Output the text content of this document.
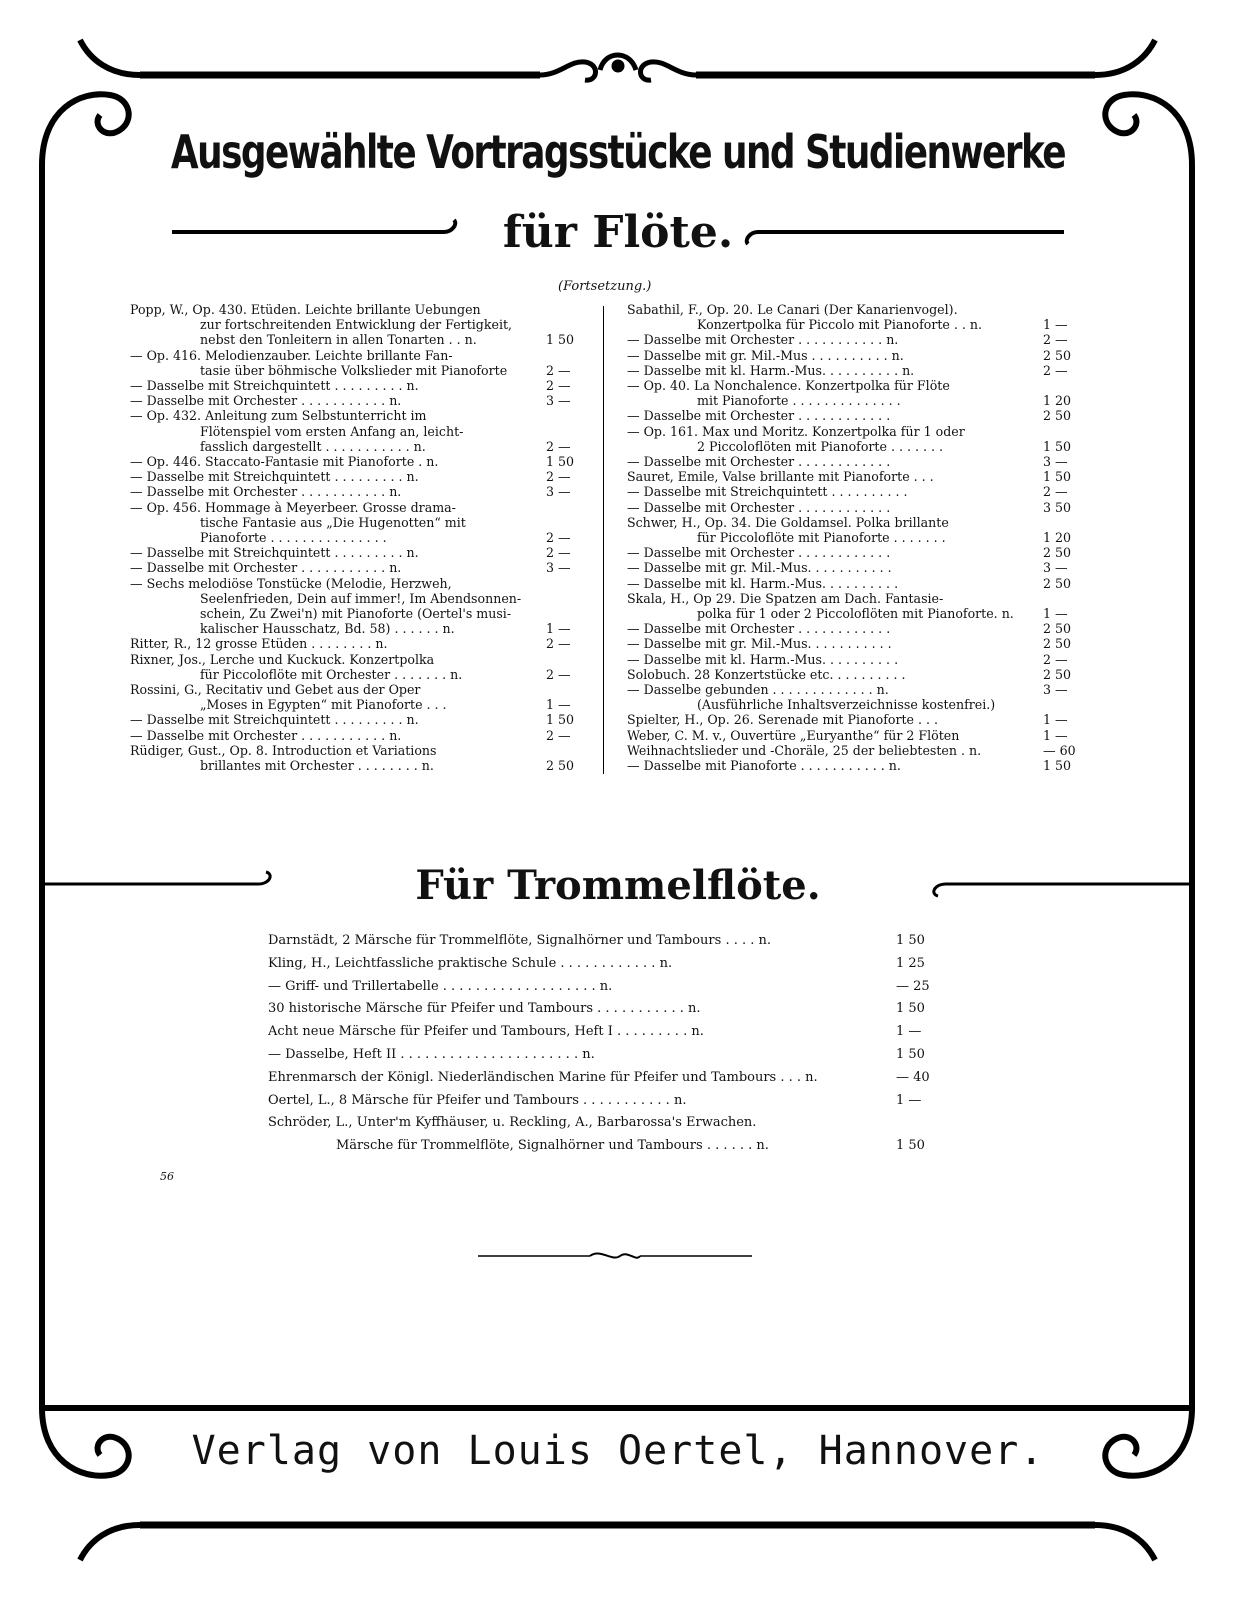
Ausgewählte Vortragsstücke und Studienwerke
für Flöte.
(Fortsetzung.)
Popp, W., Op. 430. Etüden. Leichte brillante Uebungen
zur fortschreitenden Entwicklung der Fertigkeit,
nebst den Tonleitern in allen Tonarten . . n.	1 50
— Op. 416. Melodienzauber. Leichte brillante Fan-
tasie über böhmische Volkslieder mit Pianoforte	2 —
— Dasselbe mit Streichquintett . . . . . . . . . n.	2 —
— Dasselbe mit Orchester . . . . . . . . . . . n.	3 —
— Op. 432. Anleitung zum Selbstunterricht im
Flötenspiel vom ersten Anfang an, leicht-
fasslich dargestellt . . . . . . . . . . . n.	2 —
— Op. 446. Staccato-Fantasie mit Pianoforte . n.	1 50
— Dasselbe mit Streichquintett . . . . . . . . . n.	2 —
— Dasselbe mit Orchester . . . . . . . . . . . n.	3 —
— Op. 456. Hommage à Meyerbeer. Grosse drama-
tische Fantasie aus „Die Hugenotten“ mit
Pianoforte . . . . . . . . . . . . . . .	2 —
— Dasselbe mit Streichquintett . . . . . . . . . n.	2 —
— Dasselbe mit Orchester . . . . . . . . . . . n.	3 —
— Sechs melodiöse Tonstücke (Melodie, Herzweh,
Seelenfrieden, Dein auf immer!, Im Abendsonnen-
schein, Zu Zwei'n) mit Pianoforte (Oertel's musi-
kalischer Hausschatz, Bd. 58) . . . . . . n.	1 —
Ritter, R., 12 grosse Etüden . . . . . . . . n.	2 —
Rixner, Jos., Lerche und Kuckuck. Konzertpolka
für Piccoloflöte mit Orchester . . . . . . . n.	2 —
Rossini, G., Recitativ und Gebet aus der Oper
„Moses in Egypten“ mit Pianoforte . . .	1 —
— Dasselbe mit Streichquintett . . . . . . . . . n.	1 50
— Dasselbe mit Orchester . . . . . . . . . . . n.	2 —
Rüdiger, Gust., Op. 8. Introduction et Variations
brillantes mit Orchester . . . . . . . . n.	2 50
Sabathil, F., Op. 20. Le Canari (Der Kanarienvogel).
Konzertpolka für Piccolo mit Pianoforte . . n.	1 —
— Dasselbe mit Orchester . . . . . . . . . . . n.	2 —
— Dasselbe mit gr. Mil.-Mus . . . . . . . . . . n.	2 50
— Dasselbe mit kl. Harm.-Mus. . . . . . . . . . n.	2 —
— Op. 40. La Nonchalence. Konzertpolka für Flöte
mit Pianoforte . . . . . . . . . . . . . .	1 20
— Dasselbe mit Orchester . . . . . . . . . . . .	2 50
— Op. 161. Max und Moritz. Konzertpolka für 1 oder
2 Piccoloflöten mit Pianoforte . . . . . . .	1 50
— Dasselbe mit Orchester . . . . . . . . . . . .	3 —
Sauret, Emile, Valse brillante mit Pianoforte . . .	1 50
— Dasselbe mit Streichquintett . . . . . . . . . .	2 —
— Dasselbe mit Orchester . . . . . . . . . . . .	3 50
Schwer, H., Op. 34. Die Goldamsel. Polka brillante
für Piccoloflöte mit Pianoforte . . . . . . .	1 20
— Dasselbe mit Orchester . . . . . . . . . . . .	2 50
— Dasselbe mit gr. Mil.-Mus. . . . . . . . . . .	3 —
— Dasselbe mit kl. Harm.-Mus. . . . . . . . . .	2 50
Skala, H., Op 29. Die Spatzen am Dach. Fantasie-
polka für 1 oder 2 Piccoloflöten mit Pianoforte. n.	1 —
— Dasselbe mit Orchester . . . . . . . . . . . .	2 50
— Dasselbe mit gr. Mil.-Mus. . . . . . . . . . .	2 50
— Dasselbe mit kl. Harm.-Mus. . . . . . . . . .	2 —
Solobuch. 28 Konzertstücke etc. . . . . . . . . .	2 50
— Dasselbe gebunden . . . . . . . . . . . . . n.	3 —
(Ausführliche Inhaltsverzeichnisse kostenfrei.)
Spielter, H., Op. 26. Serenade mit Pianoforte . . .	1 —
Weber, C. M. v., Ouvertüre „Euryanthe“ für 2 Flöten	1 —
Weihnachtslieder und -Choräle, 25 der beliebtesten . n.	— 60
— Dasselbe mit Pianoforte . . . . . . . . . . . n.	1 50
Für Trommelflöte.
Darnstädt, 2 Märsche für Trommelflöte, Signalhörner und Tambours . . . . n.	1 50
Kling, H., Leichtfassliche praktische Schule . . . . . . . . . . . . n.	1 25
— Griff- und Trillertabelle . . . . . . . . . . . . . . . . . . . n.	— 25
30 historische Märsche für Pfeifer und Tambours . . . . . . . . . . . n.	1 50
Acht neue Märsche für Pfeifer und Tambours, Heft I . . . . . . . . . n.	1 —
— Dasselbe, Heft II . . . . . . . . . . . . . . . . . . . . . . n.	1 50
Ehrenmarsch der Königl. Niederländischen Marine für Pfeifer und Tambours . . . n.	— 40
Oertel, L., 8 Märsche für Pfeifer und Tambours . . . . . . . . . . . n.	1 —
Schröder, L., Unter'm Kyffhäuser, u. Reckling, A., Barbarossa's Erwachen.
Märsche für Trommelflöte, Signalhörner und Tambours . . . . . . n.	1 50
56
Verlag von Louis Oertel, Hannover.
